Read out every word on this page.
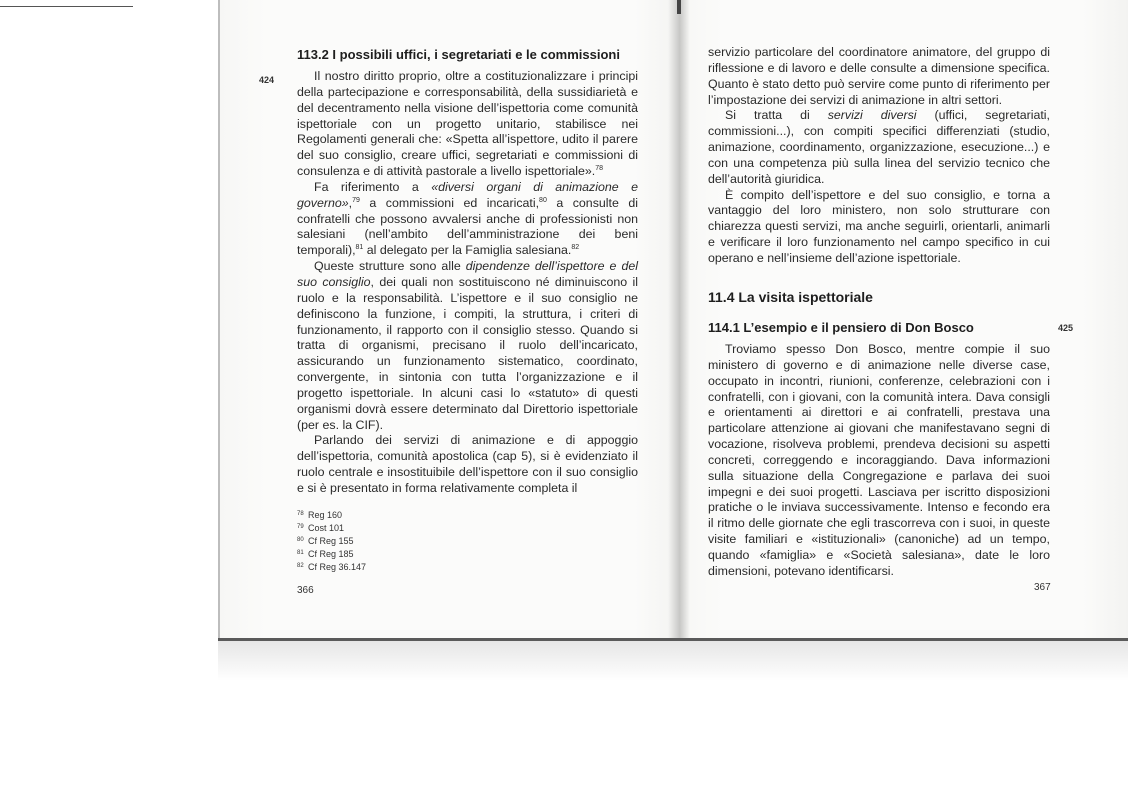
113.2 I possibili uffici, i segretariati e le commissioni
424	Il nostro diritto proprio, oltre a costituzionalizzare i principi della partecipazione e corresponsabilità, della sussidiarietà e del decentramento nella visione dell’ispettoria come comunità ispettoriale con un progetto unitario, stabilisce nei Regolamenti generali che: «Spetta all’ispettore, udito il parere del suo consiglio, creare uffici, segretariati e commissioni di consulenza e di attività pastorale a livello ispettoriale».$^{78}$

Fa riferimento a «diversi organi di animazione e governo»,$^{79}$ a commissioni ed incaricati,$^{80}$ a consulte di confratelli che possono avvalersi anche di professionisti non salesiani (nell’ambito dell’amministrazione dei beni temporali),$^{81}$ al delegato per la Famiglia salesiana.$^{82}$

Queste strutture sono alle dipendenze dell’ispettore e del suo consiglio, dei quali non sostituiscono né diminuiscono il ruolo e la responsabilità. L’ispettore e il suo consiglio ne definiscono la funzione, i compiti, la struttura, i criteri di funzionamento, il rapporto con il consiglio stesso. Quando si tratta di organismi, precisano il ruolo dell’incaricato, assicurando un funzionamento sistematico, coordinato, convergente, in sintonia con tutta l’organizzazione e il progetto ispettoriale. In alcuni casi lo «statuto» di questi organismi dovrà essere determinato dal Direttorio ispettoriale (per es. la CIF).

Parlando dei servizi di animazione e di appoggio dell’ispettoria, comunità apostolica (cap 5), si è evidenziato il ruolo centrale e insostituibile dell’ispettore con il suo consiglio e si è presentato in forma relativamente completa il

78 Reg 160
79 Cost 101
80 Cf Reg 155
81 Cf Reg 185
82 Cf Reg 36.147
366

servizio particolare del coordinatore animatore, del gruppo di riflessione e di lavoro e delle consulte a dimensione specifica. Quanto è stato detto può servire come punto di riferimento per l’impostazione dei servizi di animazione in altri settori.

Si tratta di servizi diversi (uffici, segretariati, commissioni...), con compiti specifici differenziati (studio, animazione, coordinamento, organizzazione, esecuzione...) e con una competenza più sulla linea del servizio tecnico che dell’autorità giuridica.

È compito dell’ispettore e del suo consiglio, e torna a vantaggio del loro ministero, non solo strutturare con chiarezza questi servizi, ma anche seguirli, orientarli, animarli e verificare il loro funzionamento nel campo specifico in cui operano e nell’insieme dell’azione ispettoriale.

11.4 La visita ispettoriale
114.1 L’esempio e il pensiero di Don Bosco	425

Troviamo spesso Don Bosco, mentre compie il suo ministero di governo e di animazione nelle diverse case, occupato in incontri, riunioni, conferenze, celebrazioni con i confratelli, con i giovani, con la comunità intera. Dava consigli e orientamenti ai direttori e ai confratelli, prestava una particolare attenzione ai giovani che manifestavano segni di vocazione, risolveva problemi, prendeva decisioni su aspetti concreti, correggendo e incoraggiando. Dava informazioni sulla situazione della Congregazione e parlava dei suoi impegni e dei suoi progetti. Lasciava per iscritto disposizioni pratiche o le inviava successivamente. Intenso e fecondo era il ritmo delle giornate che egli trascorreva con i suoi, in queste visite familiari e «istituzionali» (canoniche) ad un tempo, quando «famiglia» e «Società salesiana», date le loro dimensioni, potevano identificarsi.

367
